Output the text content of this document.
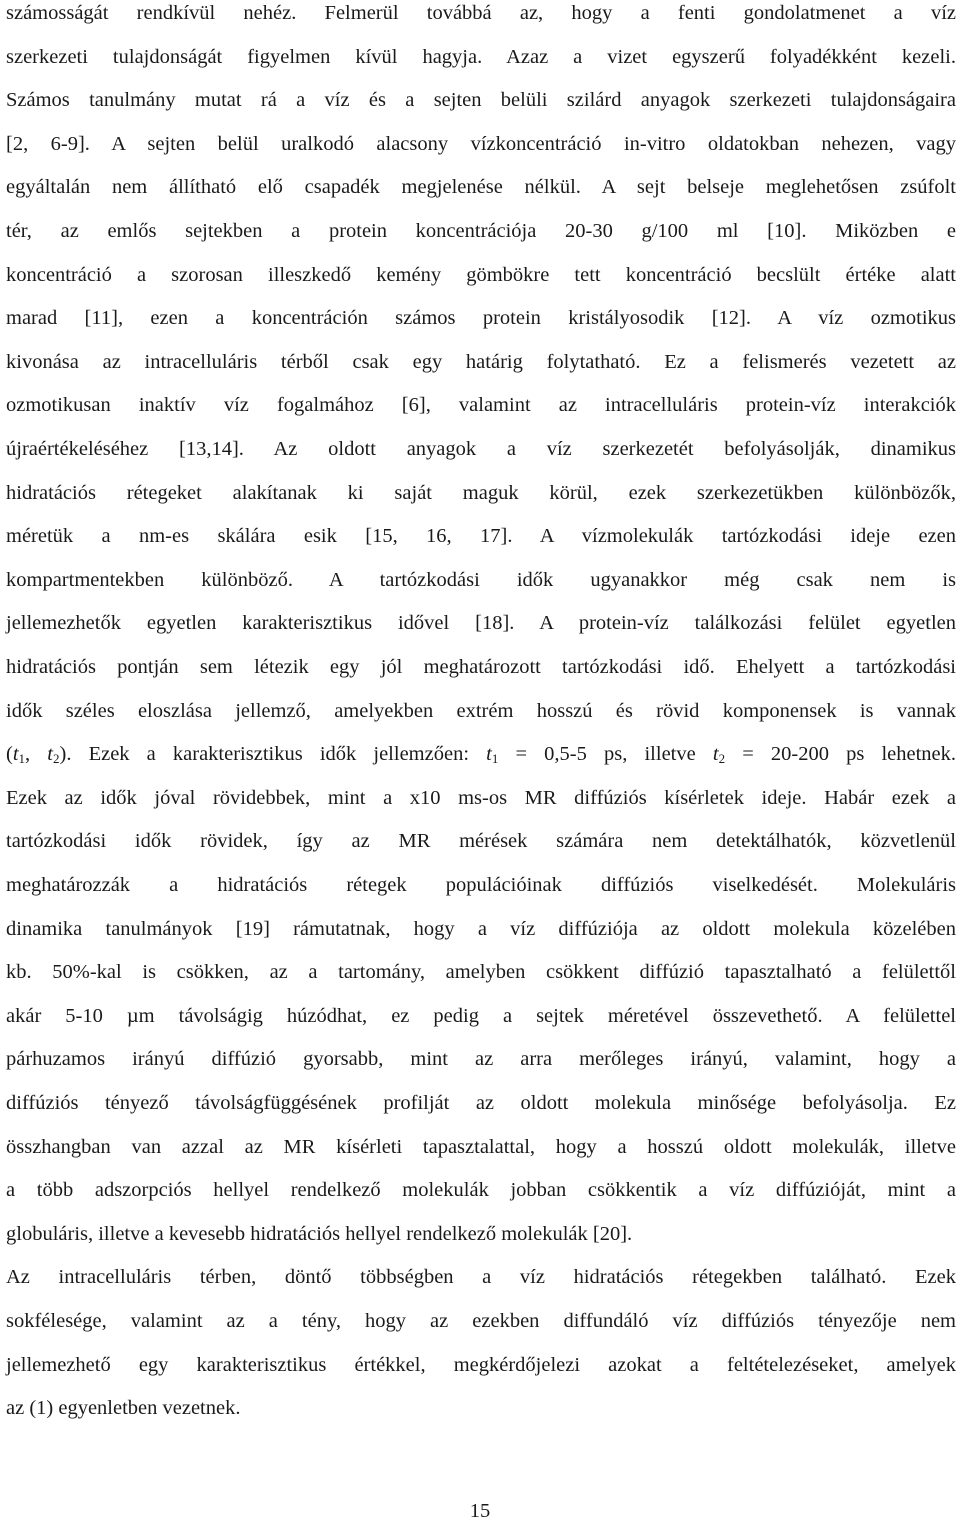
számosságát rendkívül nehéz. Felmerül továbbá az, hogy a fenti gondolatmenet a víz
szerkezeti tulajdonságát figyelmen kívül hagyja. Azaz a vizet egyszerű folyadékként kezeli.
Számos tanulmány mutat rá a víz és a sejten belüli szilárd anyagok szerkezeti tulajdonságaira
[2, 6-9]. A sejten belül uralkodó alacsony vízkoncentráció in-vitro oldatokban nehezen, vagy
egyáltalán nem állítható elő csapadék megjelenése nélkül. A sejt belseje meglehetősen zsúfolt
tér, az emlős sejtekben a protein koncentrációja 20-30 g/100 ml [10]. Miközben e
koncentráció a szorosan illeszkedő kemény gömbökre tett koncentráció becslült értéke alatt
marad [11], ezen a koncentráción számos protein kristályosodik [12]. A víz ozmotikus
kivonása az intracelluláris térből csak egy határig folytatható. Ez a felismerés vezetett az
ozmotikusan inaktív víz fogalmához [6], valamint az intracelluláris protein-víz interakciók
újraértékeléséhez [13,14]. Az oldott anyagok a víz szerkezetét befolyásolják, dinamikus
hidratációs rétegeket alakítanak ki saját maguk körül, ezek szerkezetükben különbözők,
méretük a nm-es skálára esik [15, 16, 17]. A vízmolekulák tartózkodási ideje ezen
kompartmentekben különböző. A tartózkodási idők ugyanakkor még csak nem is
jellemezhetők egyetlen karakterisztikus idővel [18]. A protein-víz találkozási felület egyetlen
hidratációs pontján sem létezik egy jól meghatározott tartózkodási idő. Ehelyett a tartózkodási
idők széles eloszlása jellemző, amelyekben extrém hosszú és rövid komponensek is vannak
($t_1$, $t_2$). Ezek a karakterisztikus idők jellemzően: $t_1 = 0,5-5$ ps, illetve $t_2 = 20-200$ ps lehetnek.
Ezek az idők jóval rövidebbek, mint a x10 ms-os MR diffúziós kísérletek ideje. Habár ezek a
tartózkodási idők rövidek, így az MR mérések számára nem detektálhatók, közvetlenül
meghatározzák a hidratációs rétegek populációinak diffúziós viselkedését. Molekuláris
dinamika tanulmányok [19] rámutatnak, hogy a víz diffúziója az oldott molekula közelében
kb. 50%-kal is csökken, az a tartomány, amelyben csökkent diffúzió tapasztalható a felülettől
akár 5-10 µm távolságig húzódhat, ez pedig a sejtek méretével összevethető. A felülettel
párhuzamos irányú diffúzió gyorsabb, mint az arra merőleges irányú, valamint, hogy a
diffúziós tényező távolságfüggésének profilját az oldott molekula minősége befolyásolja. Ez
összhangban van azzal az MR kísérleti tapasztalattal, hogy a hosszú oldott molekulák, illetve
a több adszorpciós hellyel rendelkező molekulák jobban csökkentik a víz diffúzióját, mint a
globuláris, illetve a kevesebb hidratációs hellyel rendelkező molekulák [20].
Az intracelluláris térben, döntő többségben a víz hidratációs rétegekben található. Ezek
sokfélesége, valamint az a tény, hogy az ezekben diffundáló víz diffúziós tényezője nem
jellemezhető egy karakterisztikus értékkel, megkérdőjelezi azokat a feltételezéseket, amelyek
az (1) egyenletben vezetnek.
15
